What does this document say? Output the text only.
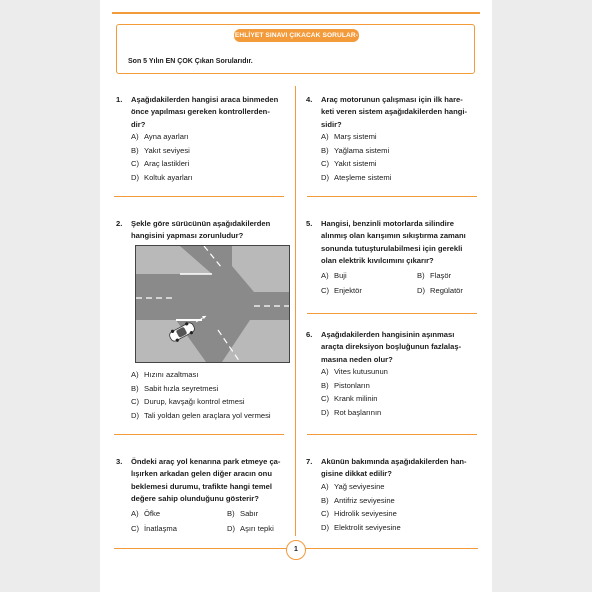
EHLİYET SINAVI ÇIKACAK SORULAR-1
Son 5 Yılın EN ÇOK Çıkan Sorularıdır.
1. Aşağıdakilerden hangisi araca binmeden
önce yapılması gereken kontrollerden-
dir?
A) Ayna ayarları
B) Yakıt seviyesi
C) Araç lastikleri
D) Koltuk ayarları
2. Şekle göre sürücünün aşağıdakilerden
hangisini yapması zorunludur?
A) Hızını azaltması
B) Sabit hızla seyretmesi
C) Durup, kavşağı kontrol etmesi
D) Tali yoldan gelen araçlara yol vermesi
3. Öndeki araç yol kenarına park etmeye ça-
lışırken arkadan gelen diğer aracın onu
beklemesi durumu, trafikte hangi temel
değere sahip olunduğunu gösterir?
A) Öfke	B) Sabır
C) İnatlaşma	D) Aşırı tepki
4. Araç motorunun çalışması için ilk hare-
keti veren sistem aşağıdakilerden hangi-
sidir?
A) Marş sistemi
B) Yağlama sistemi
C) Yakıt sistemi
D) Ateşleme sistemi
5. Hangisi, benzinli motorlarda silindire
alınmış olan karışımın sıkıştırma zamanı
sonunda tutuşturulabilmesi için gerekli
olan elektrik kıvılcımını çıkarır?
A) Buji	B) Flaşör
C) Enjektör	D) Regülatör
6. Aşağıdakilerden hangisinin aşınması
araçta direksiyon boşluğunun fazlalaş-
masına neden olur?
A) Vites kutusunun
B) Pistonların
C) Krank milinin
D) Rot başlarının
7. Akünün bakımında aşağıdakilerden han-
gisine dikkat edilir?
A) Yağ seviyesine
B) Antifriz seviyesine
C) Hidrolik seviyesine
D) Elektrolit seviyesine
1
